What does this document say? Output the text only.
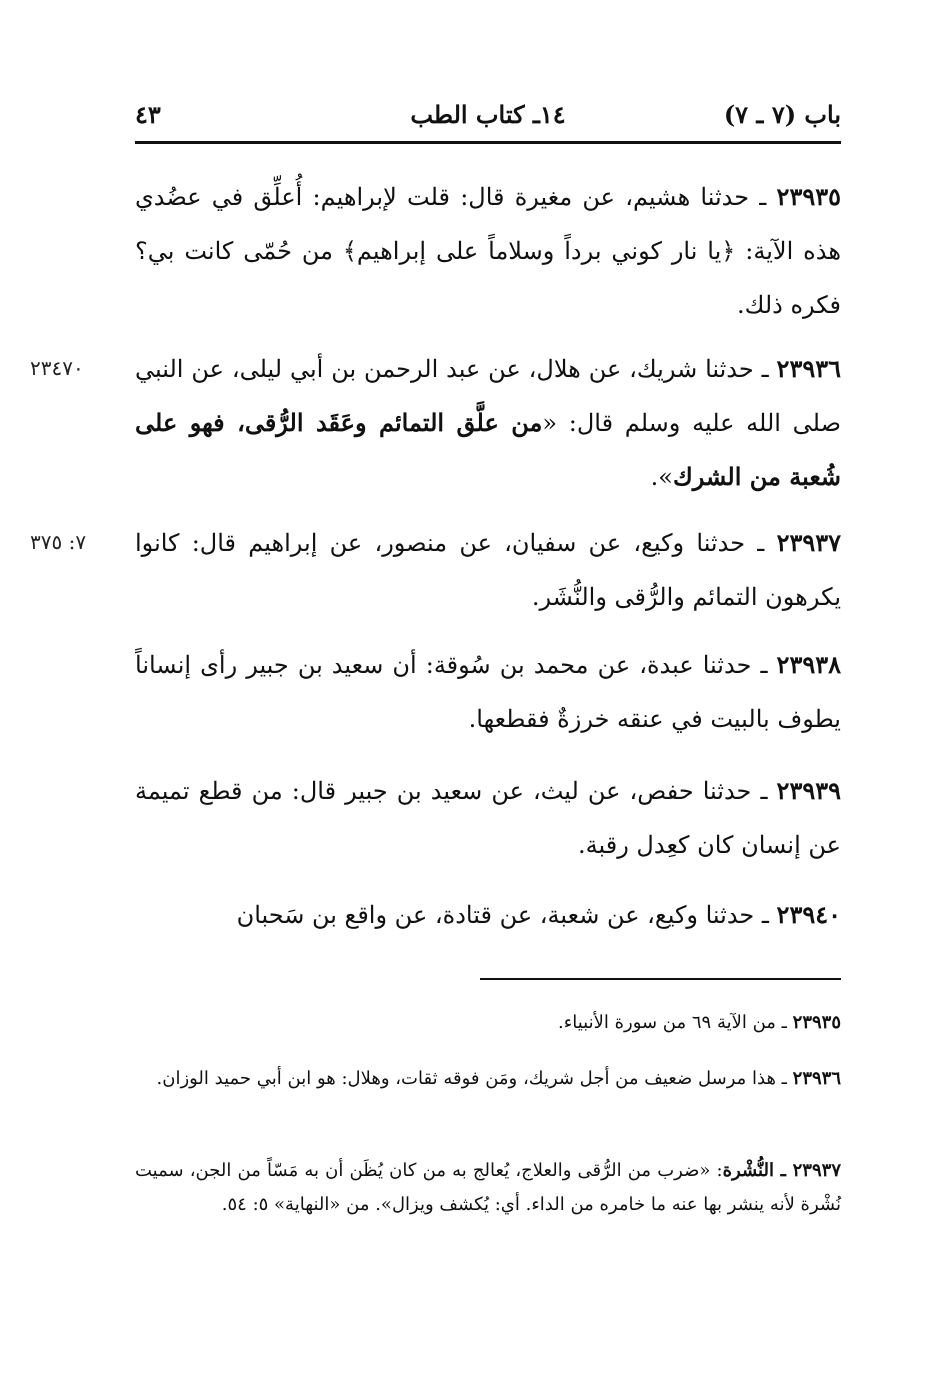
باب (٧ ـ ٧)
١٤ـ كتاب الطب
٤٣
٢٣٩٣٥ ـ حدثنا هشيم، عن مغيرة قال: قلت لإبراهيم: أُعلِّق في عضُدي هذه الآية: ﴿يا نار كوني برداً وسلاماً على إبراهيم﴾ من حُمّى كانت بي؟ فكره ذلك.
٢٣٤٧٠	٢٣٩٣٦ ـ حدثنا شريك، عن هلال، عن عبد الرحمن بن أبي ليلى، عن النبي صلى الله عليه وسلم قال: «من علَّق التمائم وعَقَد الرُّقى، فهو على شُعبة من الشرك».
٧: ٣٧٥	٢٣٩٣٧ ـ حدثنا وكيع، عن سفيان، عن منصور، عن إبراهيم قال: كانوا يكرهون التمائم والرُّقى والنُّشَر.
٢٣٩٣٨ ـ حدثنا عبدة، عن محمد بن سُوقة: أن سعيد بن جبير رأى إنساناً يطوف بالبيت في عنقه خرزةٌ فقطعها.
٢٣٩٣٩ ـ حدثنا حفص، عن ليث، عن سعيد بن جبير قال: من قطع تميمة عن إنسان كان كعِدل رقبة.
٢٣٩٤٠ ـ حدثنا وكيع، عن شعبة، عن قتادة، عن واقع بن سَحبان
٢٣٩٣٥ ـ من الآية ٦٩ من سورة الأنبياء.
٢٣٩٣٦ ـ هذا مرسل ضعيف من أجل شريك، ومَن فوقه ثقات، وهلال: هو ابن أبي حميد الوزان.
٢٣٩٣٧ ـ النُّشْرة: «ضرب من الرُّقى والعلاج، يُعالج به من كان يُظَن أن به مَسّاً من الجن، سميت نُشْرة لأنه ينشر بها عنه ما خامره من الداء. أي: يُكشف ويزال». من «النهاية» ٥: ٥٤.
